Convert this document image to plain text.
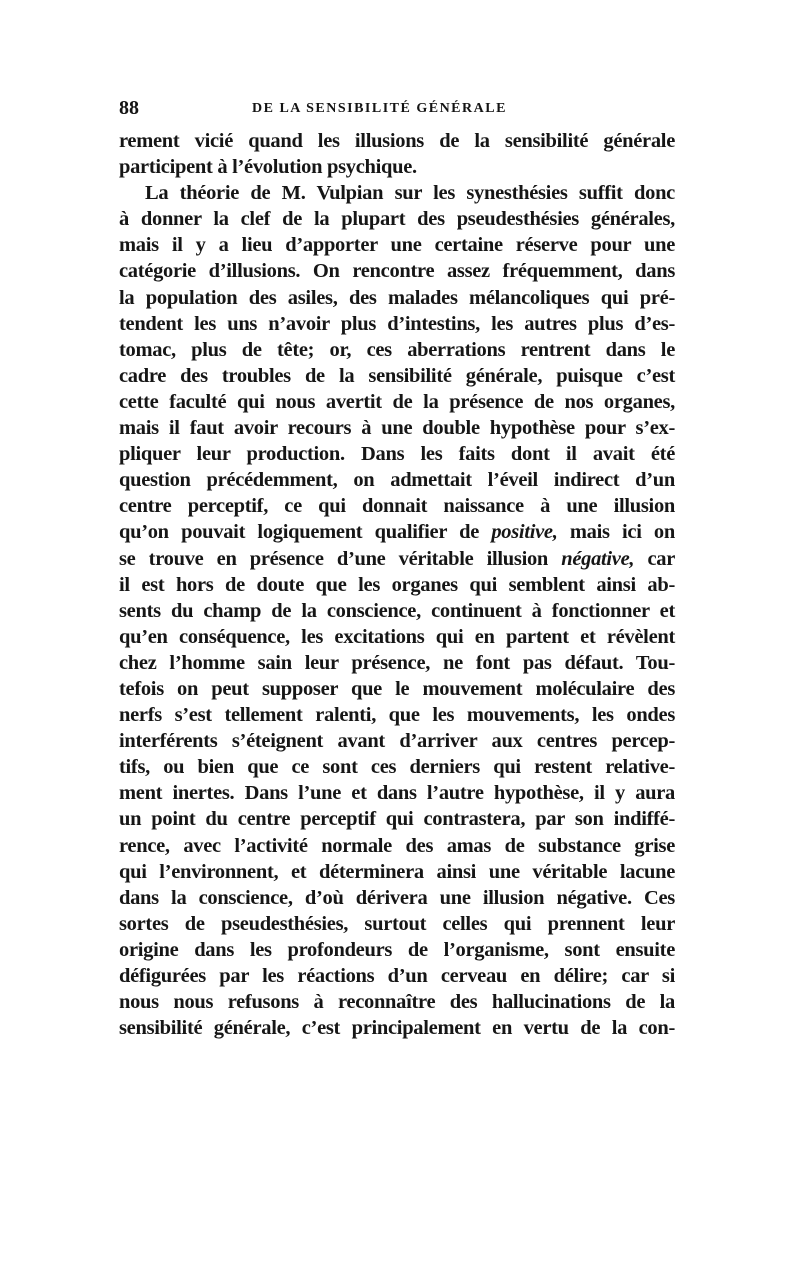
88	DE LA SENSIBILITÉ GÉNÉRALE
rement vicié quand les illusions de la sensibilité générale
participent à l’évolution psychique.
La théorie de M. Vulpian sur les synesthésies suffit donc
à donner la clef de la plupart des pseudesthésies générales,
mais il y a lieu d’apporter une certaine réserve pour une
catégorie d’illusions. On rencontre assez fréquemment, dans
la population des asiles, des malades mélancoliques qui pré-
tendent les uns n’avoir plus d’intestins, les autres plus d’es-
tomac, plus de tête; or, ces aberrations rentrent dans le
cadre des troubles de la sensibilité générale, puisque c’est
cette faculté qui nous avertit de la présence de nos organes,
mais il faut avoir recours à une double hypothèse pour s’ex-
pliquer leur production. Dans les faits dont il avait été
question précédemment, on admettait l’éveil indirect d’un
centre perceptif, ce qui donnait naissance à une illusion
qu’on pouvait logiquement qualifier de positive, mais ici on
se trouve en présence d’une véritable illusion négative, car
il est hors de doute que les organes qui semblent ainsi ab-
sents du champ de la conscience, continuent à fonctionner et
qu’en conséquence, les excitations qui en partent et révèlent
chez l’homme sain leur présence, ne font pas défaut. Tou-
tefois on peut supposer que le mouvement moléculaire des
nerfs s’est tellement ralenti, que les mouvements, les ondes
interférents s’éteignent avant d’arriver aux centres percep-
tifs, ou bien que ce sont ces derniers qui restent relative-
ment inertes. Dans l’une et dans l’autre hypothèse, il y aura
un point du centre perceptif qui contrastera, par son indiffé-
rence, avec l’activité normale des amas de substance grise
qui l’environnent, et déterminera ainsi une véritable lacune
dans la conscience, d’où dérivera une illusion négative. Ces
sortes de pseudesthésies, surtout celles qui prennent leur
origine dans les profondeurs de l’organisme, sont ensuite
défigurées par les réactions d’un cerveau en délire; car si
nous nous refusons à reconnaître des hallucinations de la
sensibilité générale, c’est principalement en vertu de la con-
